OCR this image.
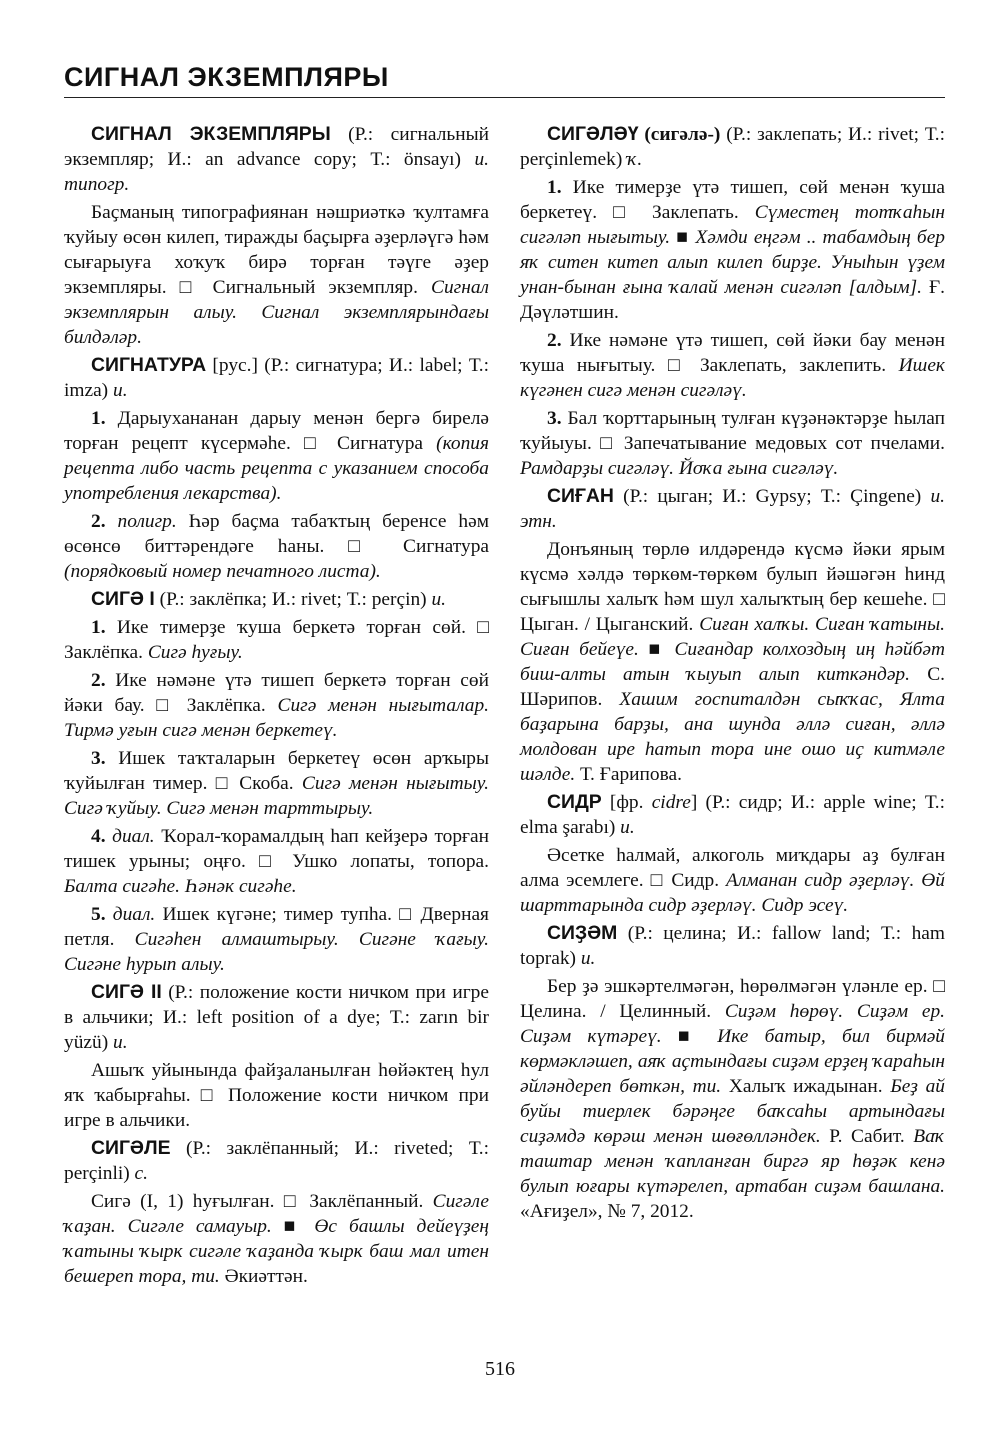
СИГНАЛ ЭКЗЕМПЛЯРЫ

СИГНАЛ ЭКЗЕМПЛЯРЫ (Р.: сигнальный экземпляр; И.: an advance copy; Т.: önsayı) и. типогр.

Баҫманың типографиянан нәшриәткә ҡултамға ҡуйыу өсөн килеп, тиражды баҫырға әҙерләүгә һәм сығарыуға хоҡуҡ бирә торған тәүге әҙер экземпляры. □ Сигнальный экземпляр. Сигнал экземплярын алыу. Сигнал экземплярындағы билдәләр.

СИГНАТУРА [рус.] (Р.: сигнатура; И.: label; Т.: imza) и.

1. Дарыухананан дарыу менән бергә бирелә торған рецепт күсермәһе. □ Сигнатура (копия рецепта либо часть рецепта с указанием способа употребления лекарства).

2. полигр. Һәр баҫма табаҡтың беренсе һәм өсөнсө биттәрендәге һаны. □ Сигнатура (порядковый номер печатного листа).

СИГӘ I (Р.: заклёпка; И.: rivet; Т.: perçin) и.

1. Ике тимерҙе ҡуша беркетә торған сөй. □ Заклёпка. Сигә һуғыу.

2. Ике нәмәне үтә тишеп беркетә торған сөй йәки бау. □ Заклёпка. Сигә менән нығыталар. Тирмә уғын сигә менән беркетеү.

3. Ишек таҡталарын беркетеү өсөн арҡыры ҡуйылған тимер. □ Скоба. Сигә менән нығытыу. Сигә ҡуйыу. Сигә менән тарттырыу.

4. диал. Ҡорал-ҡорамалдың һап кейҙерә торған тишек урыны; оңғо. □ Ушко лопаты, топора. Балта сигәһе. Һәнәк сигәһе.

5. диал. Ишек күгәне; тимер тупһа. □ Дверная петля. Сигәһен алмаштырыу. Сигәне ҡағыу. Сигәне һурып алыу.

СИГӘ II (Р.: положение кости ничком при игре в альчики; И.: left position of a dye; Т.: zarın bir yüzü) и.

Ашыҡ уйынында файҙаланылған һөйәктең һул яҡ ҡабырғаһы. □ Положение кости ничком при игре в альчики.

СИГӘЛЕ (Р.: заклёпанный; И.: riveted; Т.: perçinli) с.

Сигә (I, 1) һуғылған. □ Заклёпанный. Сигәле ҡаҙан. Сигәле самауыр. ■ Өс башлы дейеүҙең ҡатыны ҡырк сигәле ҡаҙанда ҡырк баш мал итен бешереп тора, ти. Әкиәттән.

СИГӘЛӘҮ (сигәлә-) (Р.: заклепать; И.: rivet; Т.: perçinlemek) ҡ.

1. Ике тимерҙе үтә тишеп, сөй менән ҡуша беркетеү. □ Заклепать. Сүместең тотҡаһын сигәләп нығытыу. ■ Хәмди еңгәм .. табамдың бер яҡ ситен китеп алып килеп бирҙе. Уныһын үҙем унан-бынан ғына ҡалай менән сигәләп [алдым]. Ғ. Дәүләтшин.

2. Ике нәмәне үтә тишеп, сөй йәки бау менән ҡуша нығытыу. □ Заклепать, заклепить. Ишек күгәнен сигә менән сигәләү.

3. Бал ҡорттарының тулған күҙәнәктәрҙе һылап ҡуйыуы. □ Запечатывание медовых сот пчелами. Рамдарҙы сигәләү. Йоҡа ғына сигәләү.

СИҒАН (Р.: цыган; И.: Gypsy; Т.: Çingene) и. этн.

Донъяның төрлө илдәрендә күсмә йәки ярым күсмә хәлдә төркөм-төркөм булып йәшәгән һинд сығышлы халыҡ һәм шул халыҡтың бер кешеһе. □ Цыган. / Цыганский. Сиған халҡы. Сиған ҡатыны. Сиған бейеүе. ■ Сиғандар колхоздың иң һәйбәт биш-алты атын ҡыуып алып киткәндәр. С. Шәрипов. Хашим госпиталдән сыҡҡас, Ялта баҙарына барҙы, ана шунда әллә сиған, әллә молдован ире һатып тора ине ошо иҫ китмәле шәлде. Т. Ғарипова.

СИДР [фр. cidre] (Р.: сидр; И.: apple wine; Т.: elma şarabı) и.

Әсетке һалмай, алкоголь миҡдары аҙ булған алма эсемлеге. □ Сидр. Алманан сидр әҙерләү. Өй шарттарында сидр әҙерләү. Сидр эсеү.

СИҘӘМ (Р.: целина; И.: fallow land; Т.: ham toprak) и.

Бер ҙә эшкәртелмәгән, һөрөлмәгән үләнле ер. □ Целина. / Целинный. Сиҙәм һөрөү. Сиҙәм ер. Сиҙәм күтәреү. ■ Ике батыр, бил бирмәй көрмәкләшеп, аяҡ аҫтындағы сиҙәм ерҙең ҡараһын әйләндереп бөткән, ти. Халыҡ ижадынан. Беҙ ай буйы тиерлек бәрәңге баҡсаһы артындағы сиҙәмдә көрәш менән шөғөлләндек. Р. Сабит. Ваҡ таштар менән ҡапланған биргә яр һөҙәк кенә булып юғары күтәрелеп, артабан сиҙәм башлана. «Ағиҙел», № 7, 2012.

516
